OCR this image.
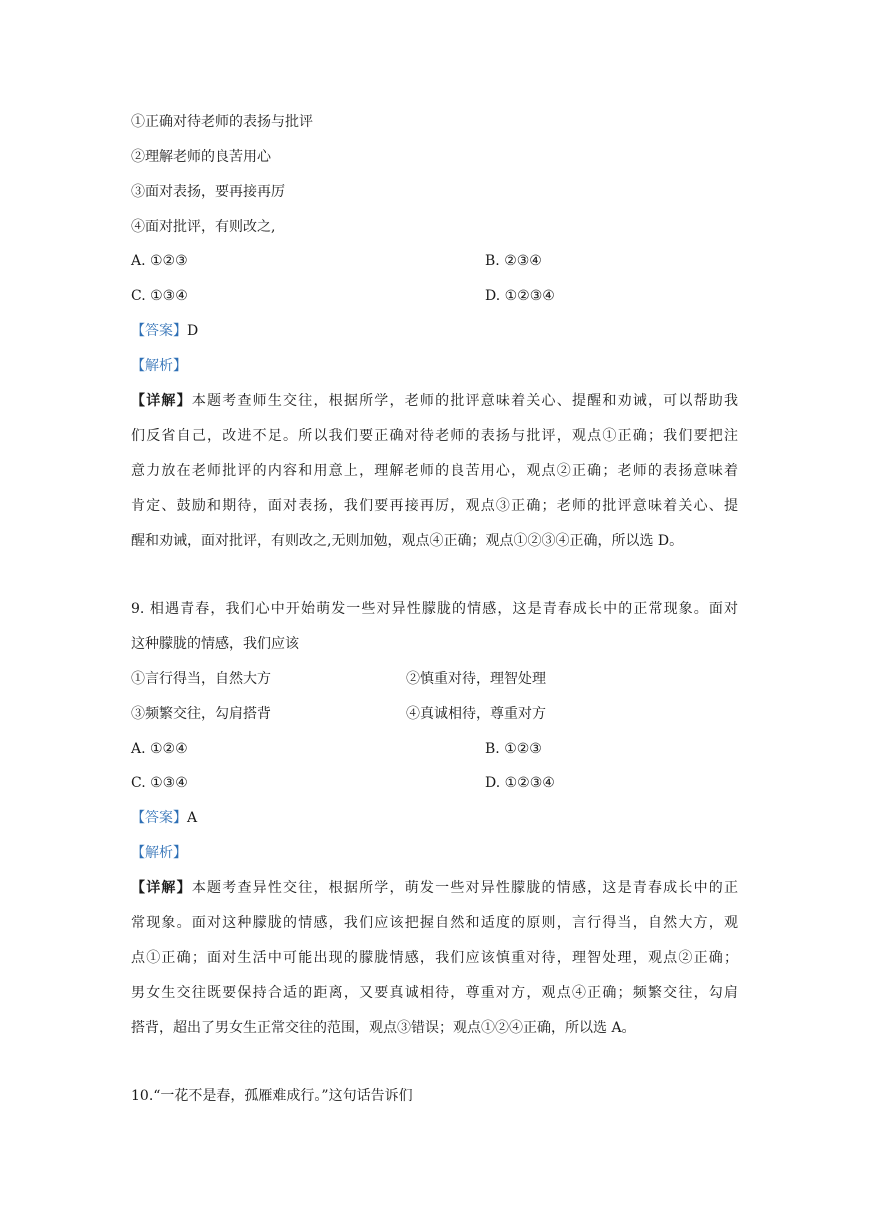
①正确对待老师的表扬与批评
②理解老师的良苦用心
③面对表扬，要再接再厉
④面对批评，有则改之,
A. ①②③	B. ②③④
C. ①③④	D. ①②③④
【答案】D
【解析】
【详解】本题考查师生交往，根据所学，老师的批评意味着关心、提醒和劝诫，可以帮助我
们反省自己，改进不足。所以我们要正确对待老师的表扬与批评，观点①正确；我们要把注
意力放在老师批评的内容和用意上，理解老师的良苦用心，观点②正确；老师的表扬意味着
肯定、鼓励和期待，面对表扬，我们要再接再厉，观点③正确；老师的批评意味着关心、提
醒和劝诫，面对批评，有则改之,无则加勉，观点④正确；观点①②③④正确，所以选 D。
9. 相遇青春，我们心中开始萌发一些对异性朦胧的情感，这是青春成长中的正常现象。面对
这种朦胧的情感，我们应该
①言行得当，自然大方	②慎重对待，理智处理
③频繁交往，勾肩搭背	④真诚相待，尊重对方
A. ①②④	B. ①②③
C. ①③④	D. ①②③④
【答案】A
【解析】
【详解】本题考查异性交往，根据所学，萌发一些对异性朦胧的情感，这是青春成长中的正
常现象。面对这种朦胧的情感，我们应该把握自然和适度的原则，言行得当，自然大方，观
点①正确；面对生活中可能出现的朦胧情感，我们应该慎重对待，理智处理，观点②正确；
男女生交往既要保持合适的距离，又要真诚相待，尊重对方，观点④正确；频繁交往，勾肩
搭背，超出了男女生正常交往的范围，观点③错误；观点①②④正确，所以选 A。
10.“一花不是春，孤雁难成行。”这句话告诉们
